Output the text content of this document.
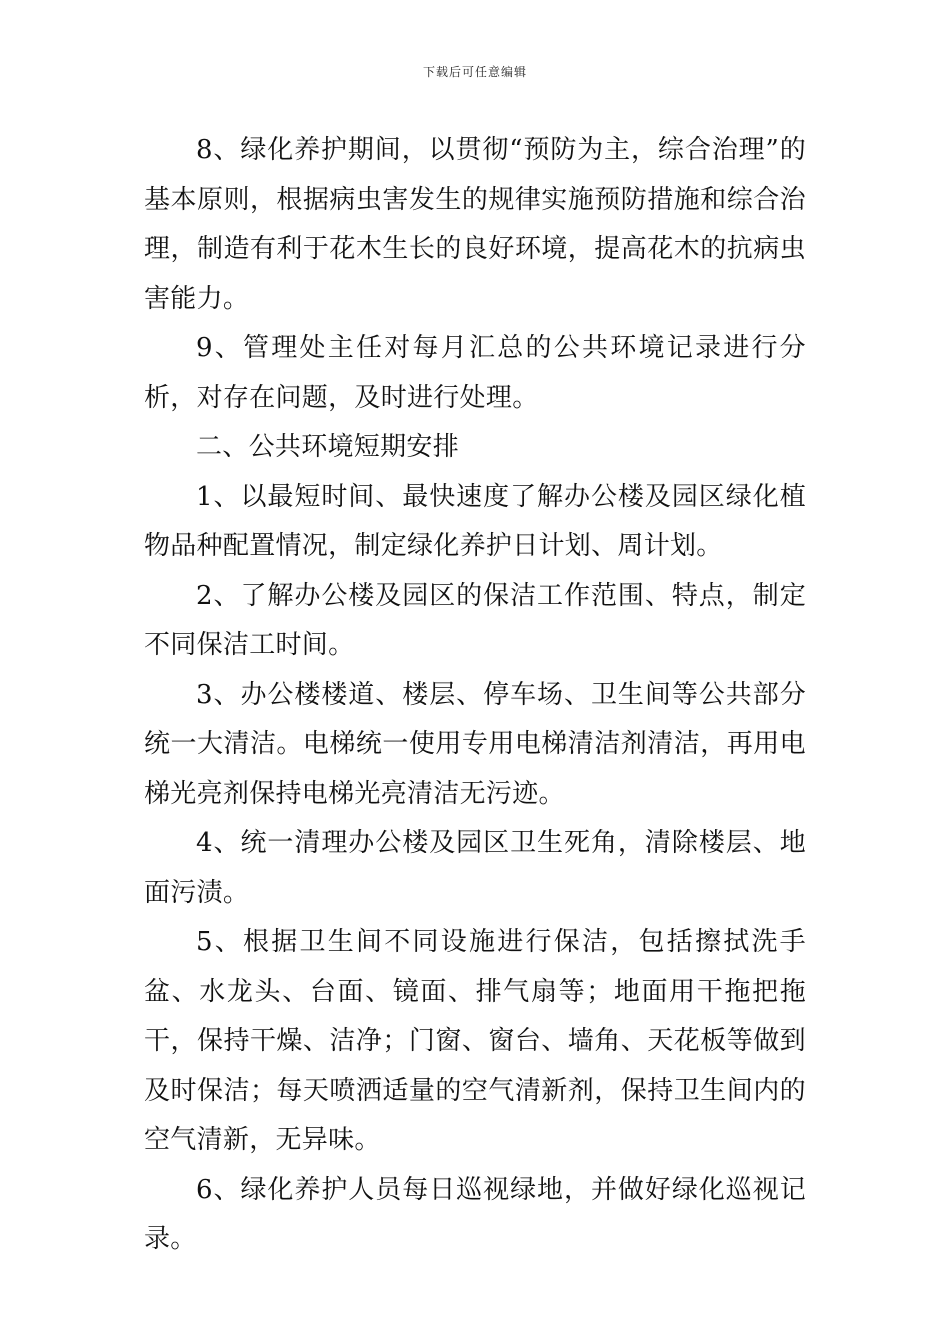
下载后可任意编辑

8、绿化养护期间，以贯彻“预防为主，综合治理”的基本原则，根据病虫害发生的规律实施预防措施和综合治理，制造有利于花木生长的良好环境，提高花木的抗病虫害能力。

9、管理处主任对每月汇总的公共环境记录进行分析，对存在问题，及时进行处理。

二、公共环境短期安排

1、以最短时间、最快速度了解办公楼及园区绿化植物品种配置情况，制定绿化养护日计划、周计划。

2、了解办公楼及园区的保洁工作范围、特点，制定不同保洁工时间。

3、办公楼楼道、楼层、停车场、卫生间等公共部分统一大清洁。电梯统一使用专用电梯清洁剂清洁，再用电梯光亮剂保持电梯光亮清洁无污迹。

4、统一清理办公楼及园区卫生死角，清除楼层、地面污渍。

5、根据卫生间不同设施进行保洁，包括擦拭洗手盆、水龙头、台面、镜面、排气扇等；地面用干拖把拖干，保持干燥、洁净；门窗、窗台、墙角、天花板等做到及时保洁；每天喷洒适量的空气清新剂，保持卫生间内的空气清新，无异味。

6、绿化养护人员每日巡视绿地，并做好绿化巡视记录。
